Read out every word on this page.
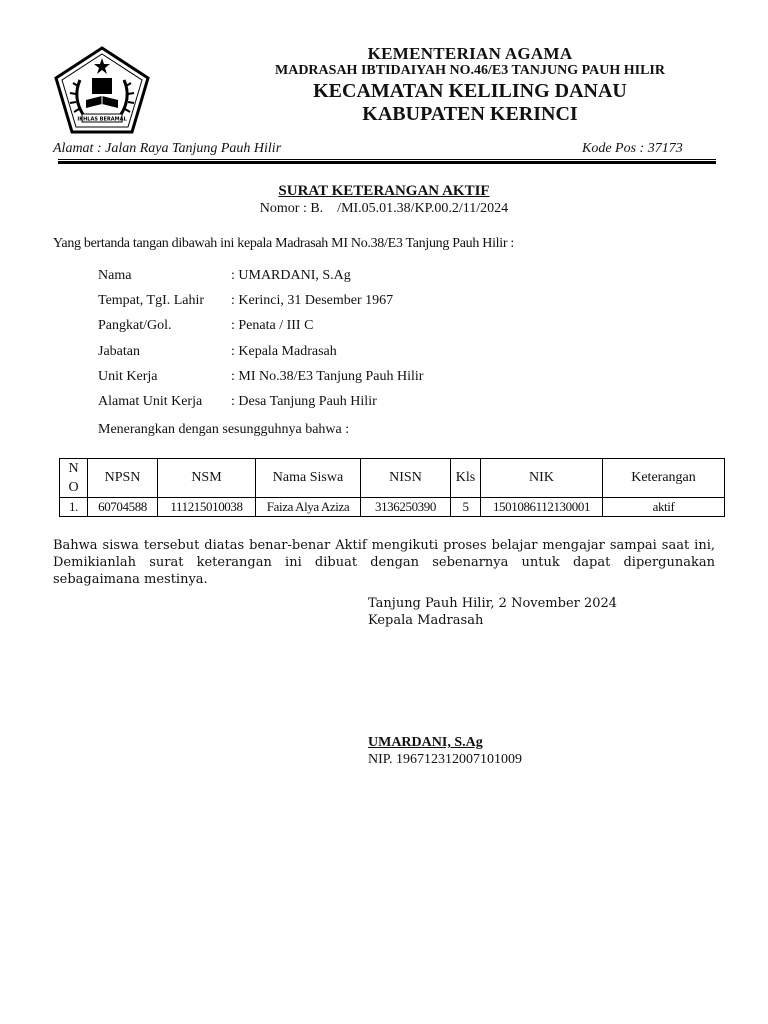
IKHLAS BERAMAL
KEMENTERIAN AGAMA
MADRASAH IBTIDAIYAH NO.46/E3 TANJUNG PAUH HILIR
KECAMATAN KELILING DANAU
KABUPATEN KERINCI
Alamat : Jalan Raya Tanjung Pauh Hilir	Kode Pos : 37173
SURAT KETERANGAN AKTIF
Nomor : B.    /MI.05.01.38/KP.00.2/11/2024
Yang bertanda tangan dibawah ini kepala Madrasah MI No.38/E3 Tanjung Pauh Hilir :
Nama	: UMARDANI, S.Ag
Tempat, TgI. Lahir : Kerinci, 31 Desember 1967
Pangkat/Gol.	: Penata / III C
Jabatan	: Kepala Madrasah
Unit Kerja	: MI No.38/E3 Tanjung Pauh Hilir
Alamat Unit Kerja : Desa Tanjung Pauh Hilir
Menerangkan dengan sesungguhnya bahwa :
N O	NPSN	NSM	Nama Siswa	NISN	Kls	NIK	Keterangan
1.	60704588	111215010038	Faiza Alya Aziza	3136250390	5	1501086112130001	aktif
Bahwa siswa tersebut diatas benar-benar Aktif mengikuti proses belajar mengajar sampai saat ini,
Demikianlah surat keterangan ini dibuat dengan sebenarnya untuk dapat dipergunakan sebagaimana mestinya.
Tanjung Pauh Hilir, 2 November 2024
Kepala Madrasah
UMARDANI, S.Ag
NIP. 196712312007101009
